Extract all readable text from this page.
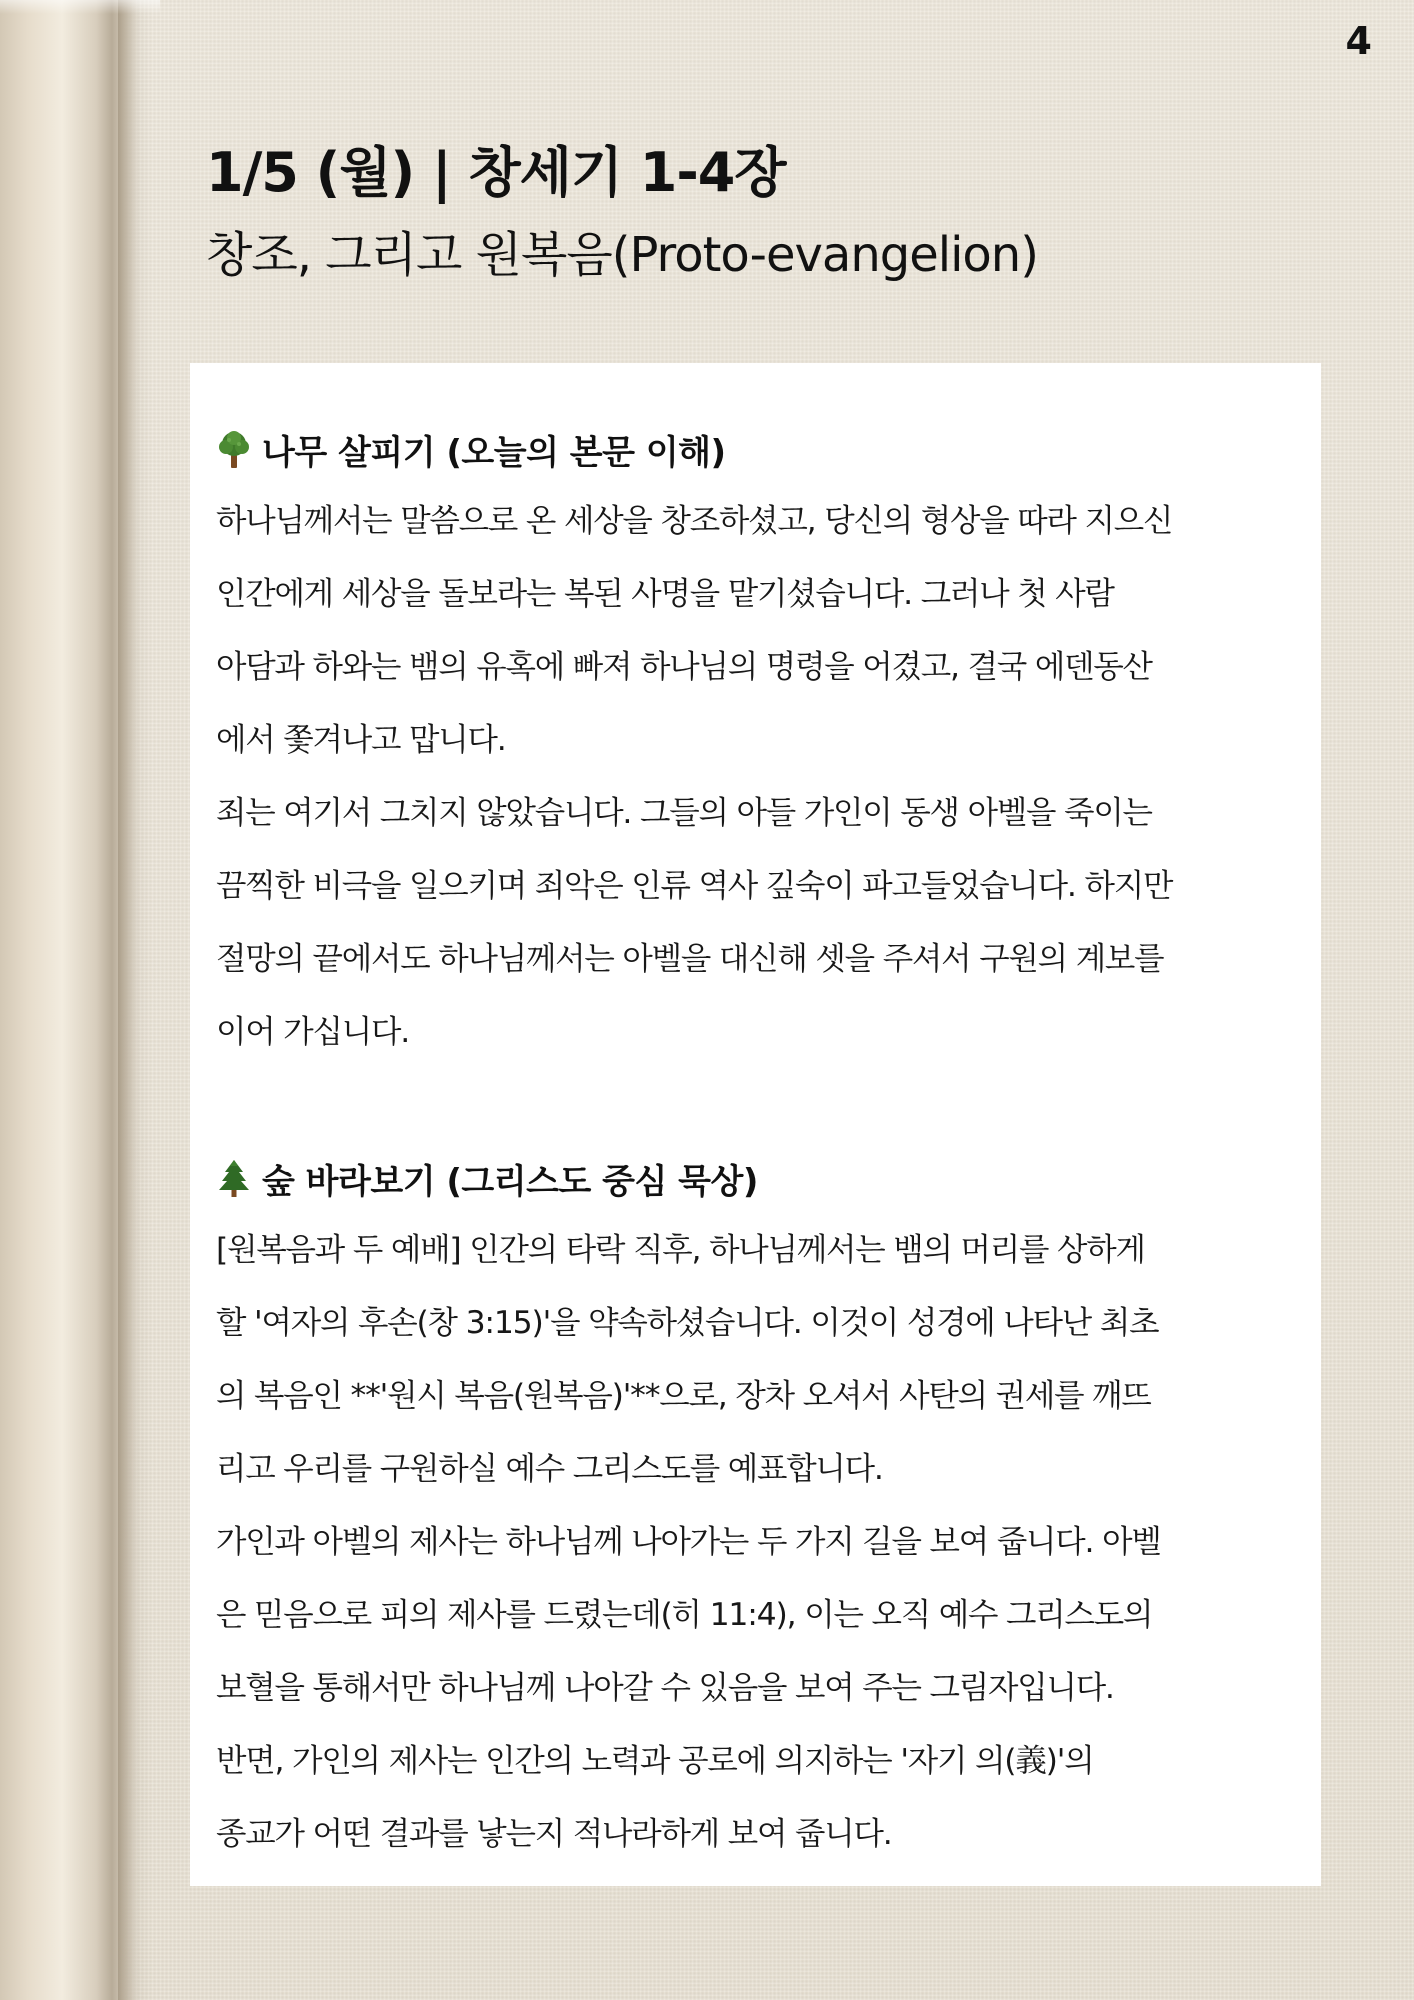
4
1/5 (월) | 창세기 1-4장
창조, 그리고 원복음(Proto-evangelion)
나무 살피기 (오늘의 본문 이해)
하나님께서는 말씀으로 온 세상을 창조하셨고, 당신의 형상을 따라 지으신
인간에게 세상을 돌보라는 복된 사명을 맡기셨습니다. 그러나 첫 사람
아담과 하와는 뱀의 유혹에 빠져 하나님의 명령을 어겼고, 결국 에덴동산
에서 쫓겨나고 맙니다.
죄는 여기서 그치지 않았습니다. 그들의 아들 가인이 동생 아벨을 죽이는
끔찍한 비극을 일으키며 죄악은 인류 역사 깊숙이 파고들었습니다. 하지만
절망의 끝에서도 하나님께서는 아벨을 대신해 셋을 주셔서 구원의 계보를
이어 가십니다.
숲 바라보기 (그리스도 중심 묵상)
[원복음과 두 예배] 인간의 타락 직후, 하나님께서는 뱀의 머리를 상하게
할 '여자의 후손(창 3:15)'을 약속하셨습니다. 이것이 성경에 나타난 최초
의 복음인 **'원시 복음(원복음)'**으로, 장차 오셔서 사탄의 권세를 깨뜨
리고 우리를 구원하실 예수 그리스도를 예표합니다.
가인과 아벨의 제사는 하나님께 나아가는 두 가지 길을 보여 줍니다. 아벨
은 믿음으로 피의 제사를 드렸는데(히 11:4), 이는 오직 예수 그리스도의
보혈을 통해서만 하나님께 나아갈 수 있음을 보여 주는 그림자입니다.
반면, 가인의 제사는 인간의 노력과 공로에 의지하는 '자기 의(義)'의
종교가 어떤 결과를 낳는지 적나라하게 보여 줍니다.
